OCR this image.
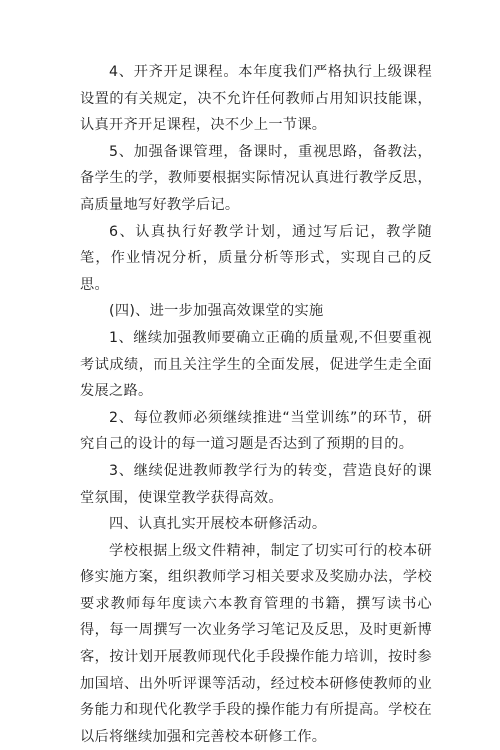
4、开齐开足课程。本年度我们严格执行上级课程设置的有关规定，决不允许任何教师占用知识技能课，认真开齐开足课程，决不少上一节课。

5、加强备课管理，备课时，重视思路，备教法，备学生的学，教师要根据实际情况认真进行教学反思，高质量地写好教学后记。

6、认真执行好教学计划，通过写后记，教学随笔，作业情况分析，质量分析等形式，实现自己的反思。

(四)、进一步加强高效课堂的实施

1、继续加强教师要确立正确的质量观,不但要重视考试成绩，而且关注学生的全面发展，促进学生走全面发展之路。

2、每位教师必须继续推进“当堂训练”的环节，研究自己的设计的每一道习题是否达到了预期的目的。

3、继续促进教师教学行为的转变，营造良好的课堂氛围，使课堂教学获得高效。

四、认真扎实开展校本研修活动。

学校根据上级文件精神，制定了切实可行的校本研修实施方案，组织教师学习相关要求及奖励办法，学校要求教师每年度读六本教育管理的书籍，撰写读书心得，每一周撰写一次业务学习笔记及反思，及时更新博客，按计划开展教师现代化手段操作能力培训，按时参加国培、出外听评课等活动，经过校本研修使教师的业务能力和现代化教学手段的操作能力有所提高。学校在以后将继续加强和完善校本研修工作。
